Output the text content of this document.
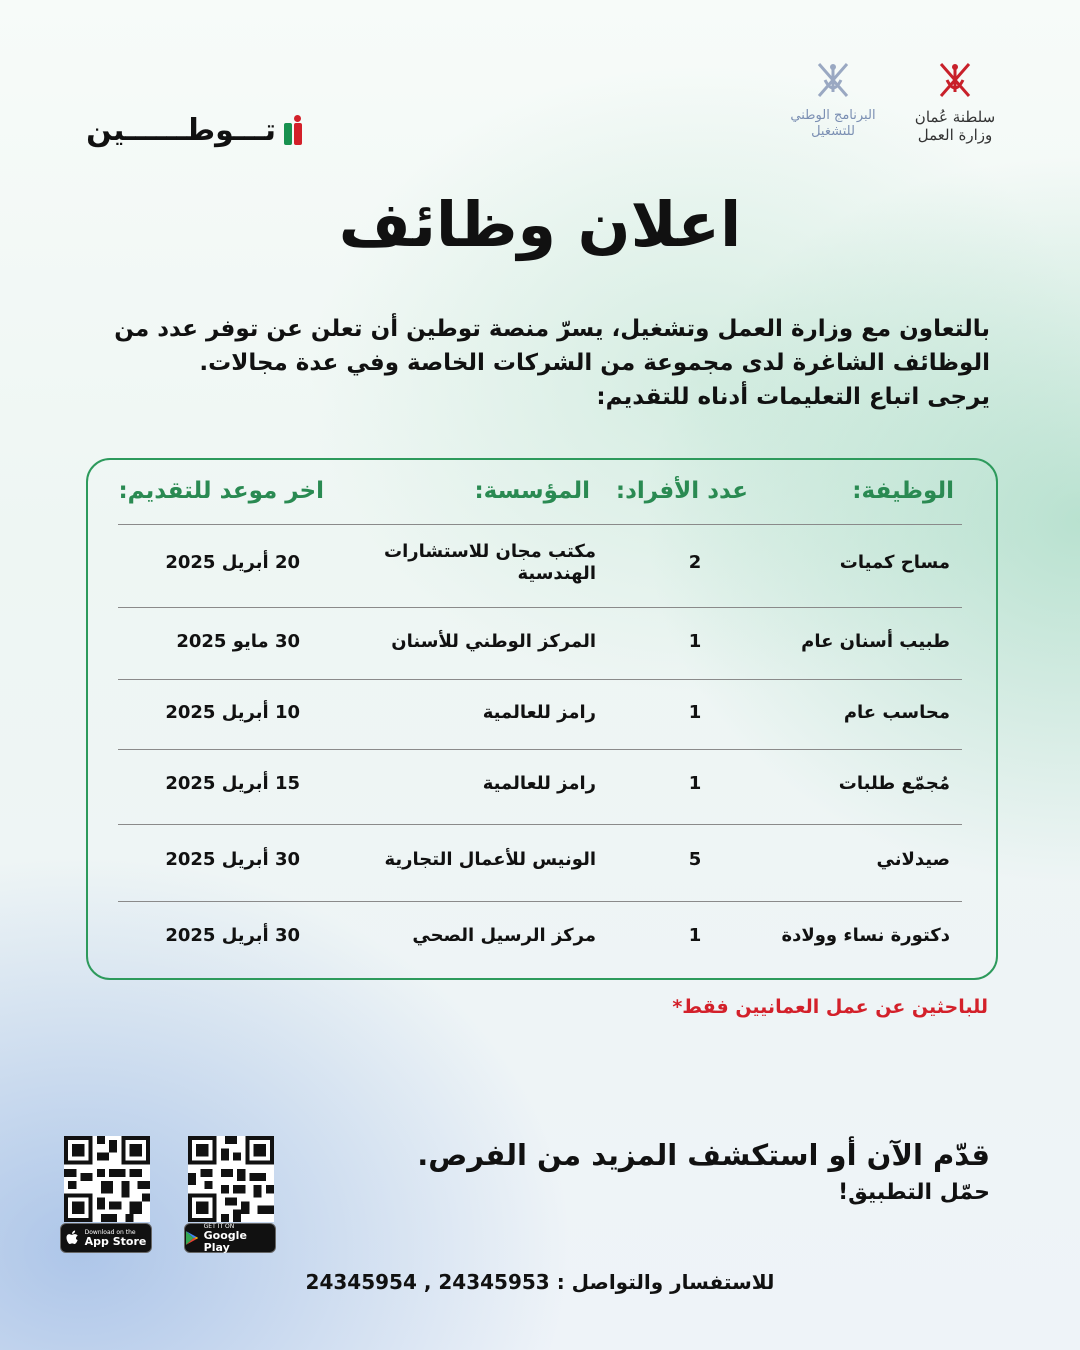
تـــوطــــــين	سلطنة عُمان
وزارة العمل
البرنامج الوطني
للتشغيل
اعلان وظائف
بالتعاون مع وزارة العمل وتشغيل، يسرّ منصة توطين أن تعلن عن توفر عدد من
الوظائف الشاغرة لدى مجموعة من الشركات الخاصة وفي عدة مجالات.
يرجى اتباع التعليمات أدناه للتقديم:
الوظيفة:
عدد الأفراد:
المؤسسة:
اخر موعد للتقديم:
مساح كميات
2
مكتب مجان للاستشارات الهندسية
20 أبريل 2025
طبيب أسنان عام
1
المركز الوطني للأسنان
30 مايو 2025
محاسب عام
1
رامز للعالمية
10 أبريل 2025
مُجمّع طلبات
1
رامز للعالمية
15 أبريل 2025
صيدلاني
5
الونيس للأعمال التجارية
30 أبريل 2025
دكتورة نساء وولادة
1
مركز الرسيل الصحي
30 أبريل 2025
للباحثين عن عمل العمانيين فقط*
قدّم الآن أو استكشف المزيد من الفرص.
حمّل التطبيق!
Download on the
App Store
GET IT ON
Google Play
للاستفسار والتواصل : 24345954 , 24345953
